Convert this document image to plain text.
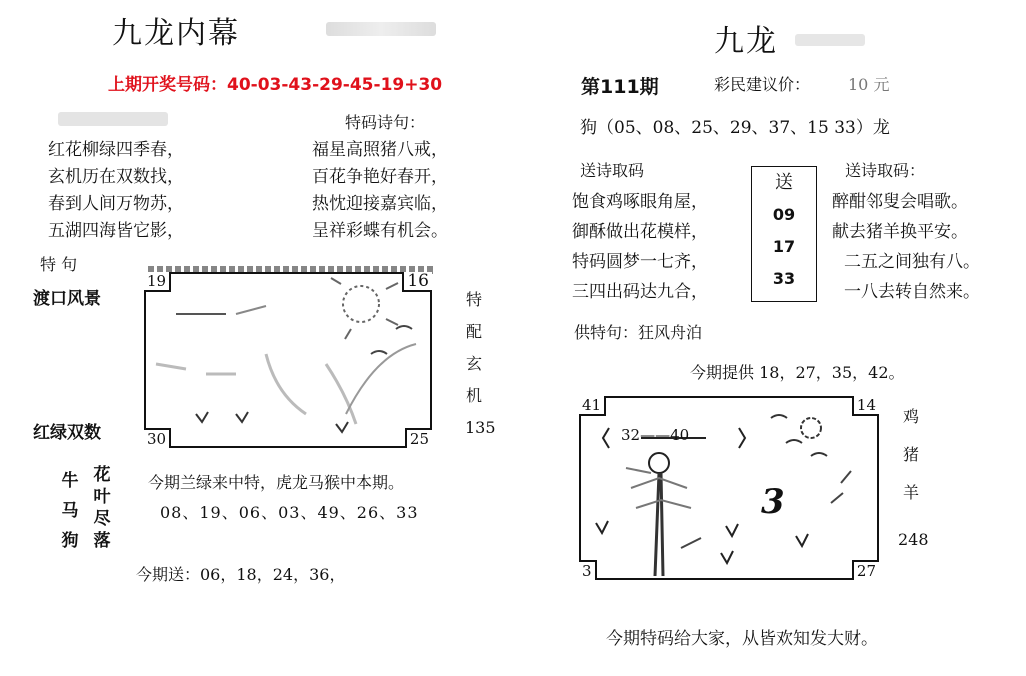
九龙内幕
上期开奖号码：40-03-43-29-45-19+30
特码诗句：
红花柳绿四季春，
玄机历在双数找，
春到人间万物苏，
五湖四海皆它影，
福星高照猪八戒，
百花争艳好春开，
热忱迎接嘉宾临，
呈祥彩蝶有机会。
特 句
渡口风景
红绿双数
19	16
30	25
特
配
玄
机
135
牛
马
狗
花
叶
尽
落
今期兰绿来中特，虎龙马猴中本期。
08、19、06、03、49、26、33
今期送：06，18，24，36，
九龙
第111期	彩民建议价： 10 元
狗（05、08、25、29、37、15 33）龙
送诗取码	送诗取码：
饱食鸡啄眼角屋，
御酥做出花模样，
特码圆梦一七齐，
三四出码达九合，
送
09
17
33
醉酣邻叟会唱歌。
献去猪羊换平安。
二五之间独有八。
一八去转自然来。
供特句：狂风舟泊
今期提供 18，27，35，42。
32——40
3
41	14
3	27
鸡
猪
羊
248
今期特码给大家，从皆欢知发大财。
